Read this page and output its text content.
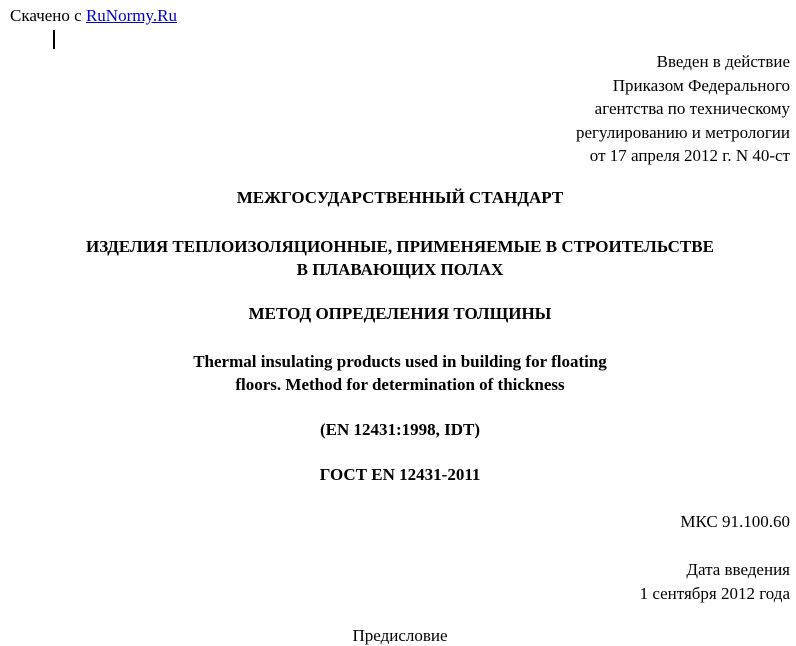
Скачено с RuNormy.Ru
Введен в действие
Приказом Федерального
агентства по техническому
регулированию и метрологии
от 17 апреля 2012 г. N 40-ст
МЕЖГОСУДАРСТВЕННЫЙ СТАНДАРТ
ИЗДЕЛИЯ ТЕПЛОИЗОЛЯЦИОННЫЕ, ПРИМЕНЯЕМЫЕ В СТРОИТЕЛЬСТВЕ
В ПЛАВАЮЩИХ ПОЛАХ
МЕТОД ОПРЕДЕЛЕНИЯ ТОЛЩИНЫ
Thermal insulating products used in building for floating
floors. Method for determination of thickness
(EN 12431:1998, IDT)
ГОСТ EN 12431-2011
МКС 91.100.60
Дата введения
1 сентября 2012 года
Предисловие
